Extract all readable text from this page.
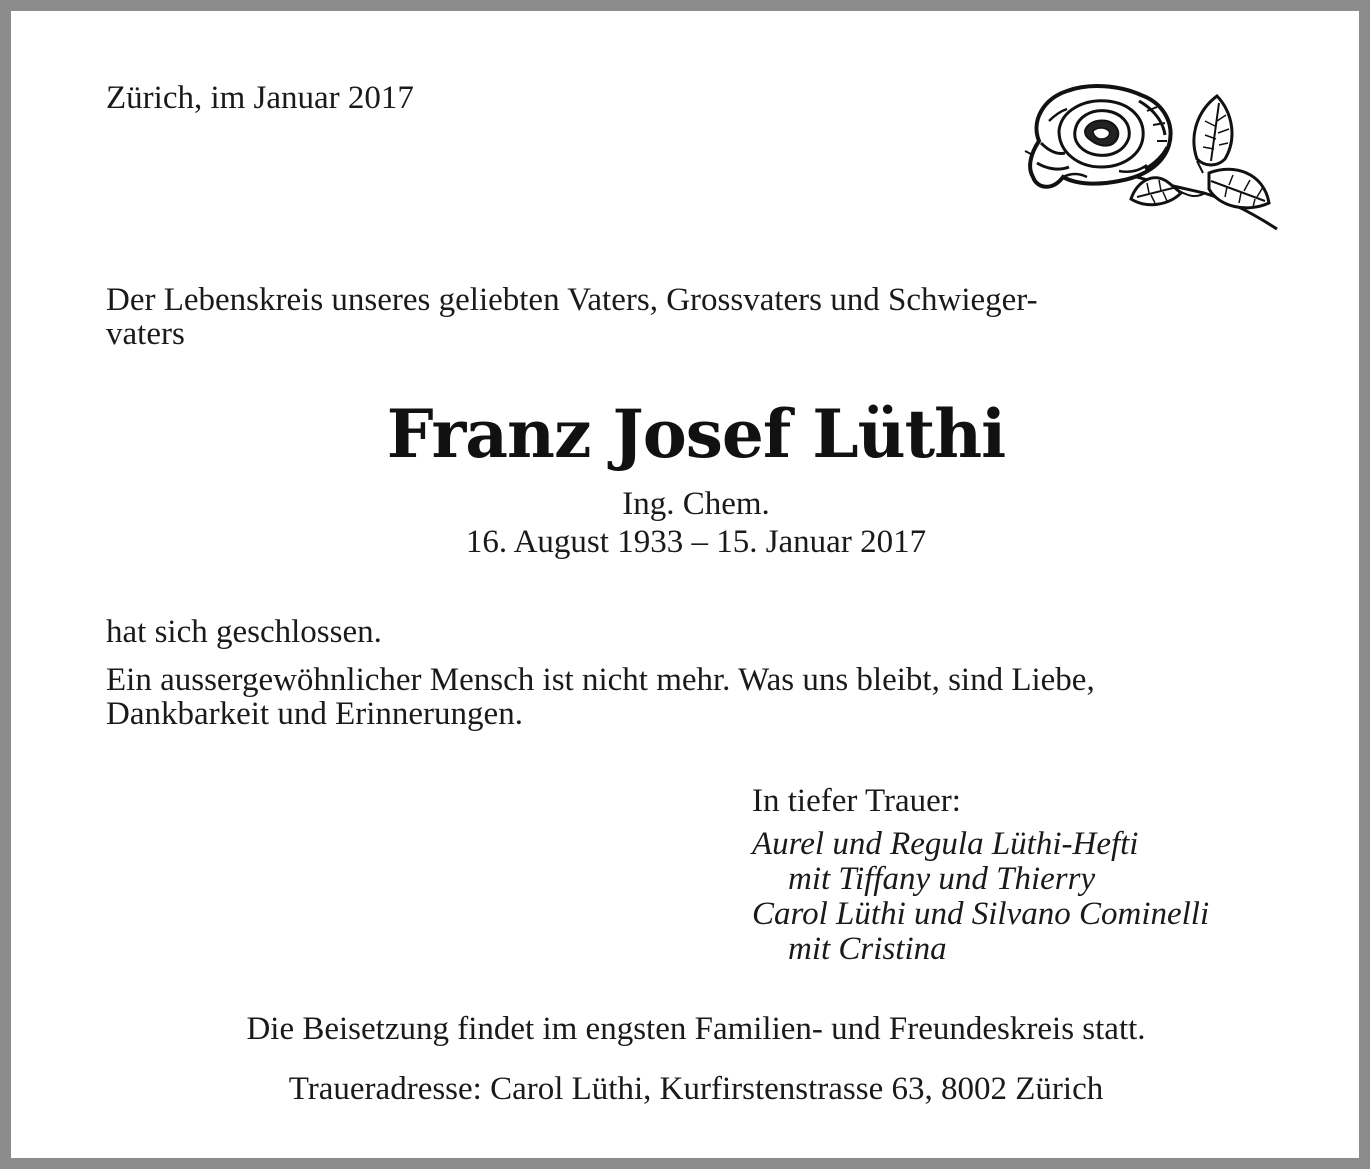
Zürich, im Januar 2017

Der Lebenskreis unseres geliebten Vaters, Grossvaters und Schwieger-
vaters

Franz Josef Lüthi

Ing. Chem.

16. August 1933 – 15. Januar 2017

hat sich geschlossen.

Ein aussergewöhnlicher Mensch ist nicht mehr. Was uns bleibt, sind Liebe,

Dankbarkeit und Erinnerungen.

In tiefer Trauer:

Aurel und Regula Lüthi-Hefti
mit Tiffany und Thierry
Carol Lüthi und Silvano Cominelli
mit Cristina

Die Beisetzung findet im engsten Familien- und Freundeskreis statt.

Traueradresse: Carol Lüthi, Kurfirstenstrasse 63, 8002 Zürich
